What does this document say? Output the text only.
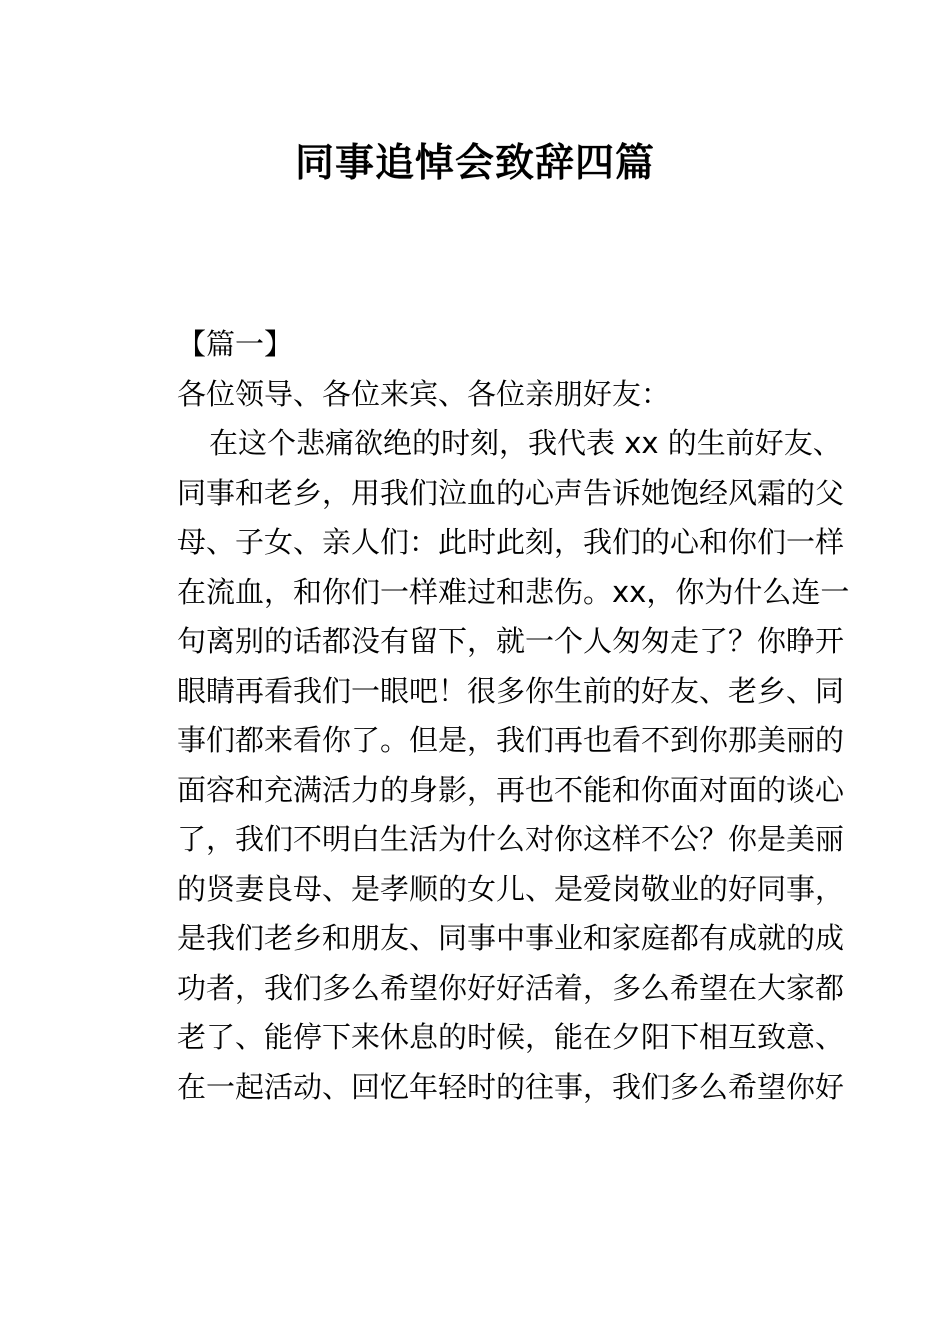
同事追悼会致辞四篇
【篇一】
各位领导、各位来宾、各位亲朋好友：
在这个悲痛欲绝的时刻，我代表 xx 的生前好友、
同事和老乡，用我们泣血的心声告诉她饱经风霜的父
母、子女、亲人们：此时此刻，我们的心和你们一样
在流血，和你们一样难过和悲伤。xx，你为什么连一
句离别的话都没有留下，就一个人匆匆走了？你睁开
眼睛再看我们一眼吧！很多你生前的好友、老乡、同
事们都来看你了。但是，我们再也看不到你那美丽的
面容和充满活力的身影，再也不能和你面对面的谈心
了，我们不明白生活为什么对你这样不公？你是美丽
的贤妻良母、是孝顺的女儿、是爱岗敬业的好同事，
是我们老乡和朋友、同事中事业和家庭都有成就的成
功者，我们多么希望你好好活着，多么希望在大家都
老了、能停下来休息的时候，能在夕阳下相互致意、
在一起活动、回忆年轻时的往事，我们多么希望你好
